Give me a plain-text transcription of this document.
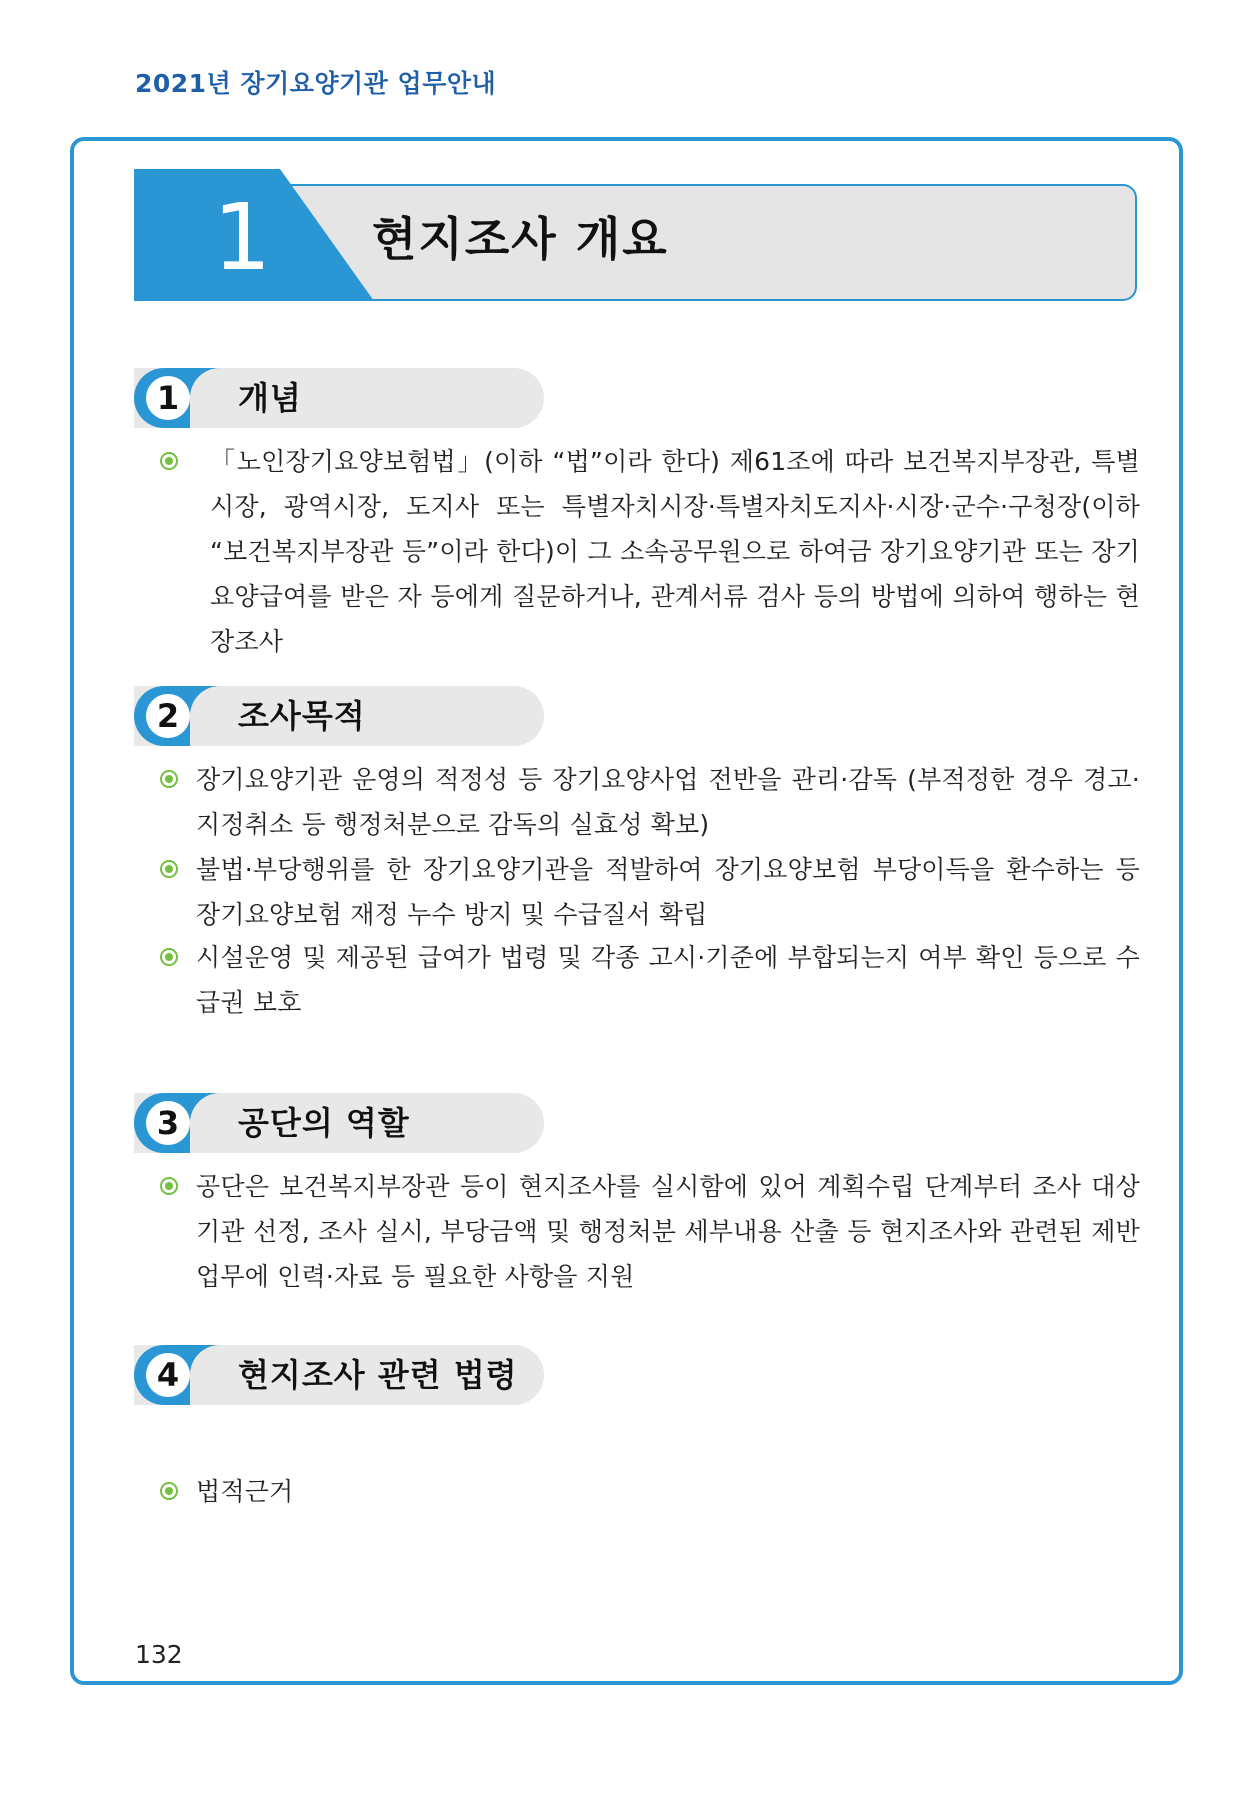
2021년 장기요양기관 업무안내
1	현지조사 개요
1	개념
「노인장기요양보험법」(이하 “법”이라 한다) 제61조에 따라 보건복지부장관, 특별시장, 광역시장, 도지사 또는 특별자치시장·특별자치도지사·시장·군수·구청장(이하 “보건복지부장관 등”이라 한다)이 그 소속공무원으로 하여금 장기요양기관 또는 장기요양급여를 받은 자 등에게 질문하거나, 관계서류 검사 등의 방법에 의하여 행하는 현장조사
2	조사목적
장기요양기관 운영의 적정성 등 장기요양사업 전반을 관리·감독 (부적정한 경우 경고·지정취소 등 행정처분으로 감독의 실효성 확보)
불법·부당행위를 한 장기요양기관을 적발하여 장기요양보험 부당이득을 환수하는 등 장기요양보험 재정 누수 방지 및 수급질서 확립
시설운영 및 제공된 급여가 법령 및 각종 고시·기준에 부합되는지 여부 확인 등으로 수급권 보호
3	공단의 역할
공단은 보건복지부장관 등이 현지조사를 실시함에 있어 계획수립 단계부터 조사 대상기관 선정, 조사 실시, 부당금액 및 행정처분 세부내용 산출 등 현지조사와 관련된 제반업무에 인력·자료 등 필요한 사항을 지원
4	현지조사 관련 법령
법적근거
132
